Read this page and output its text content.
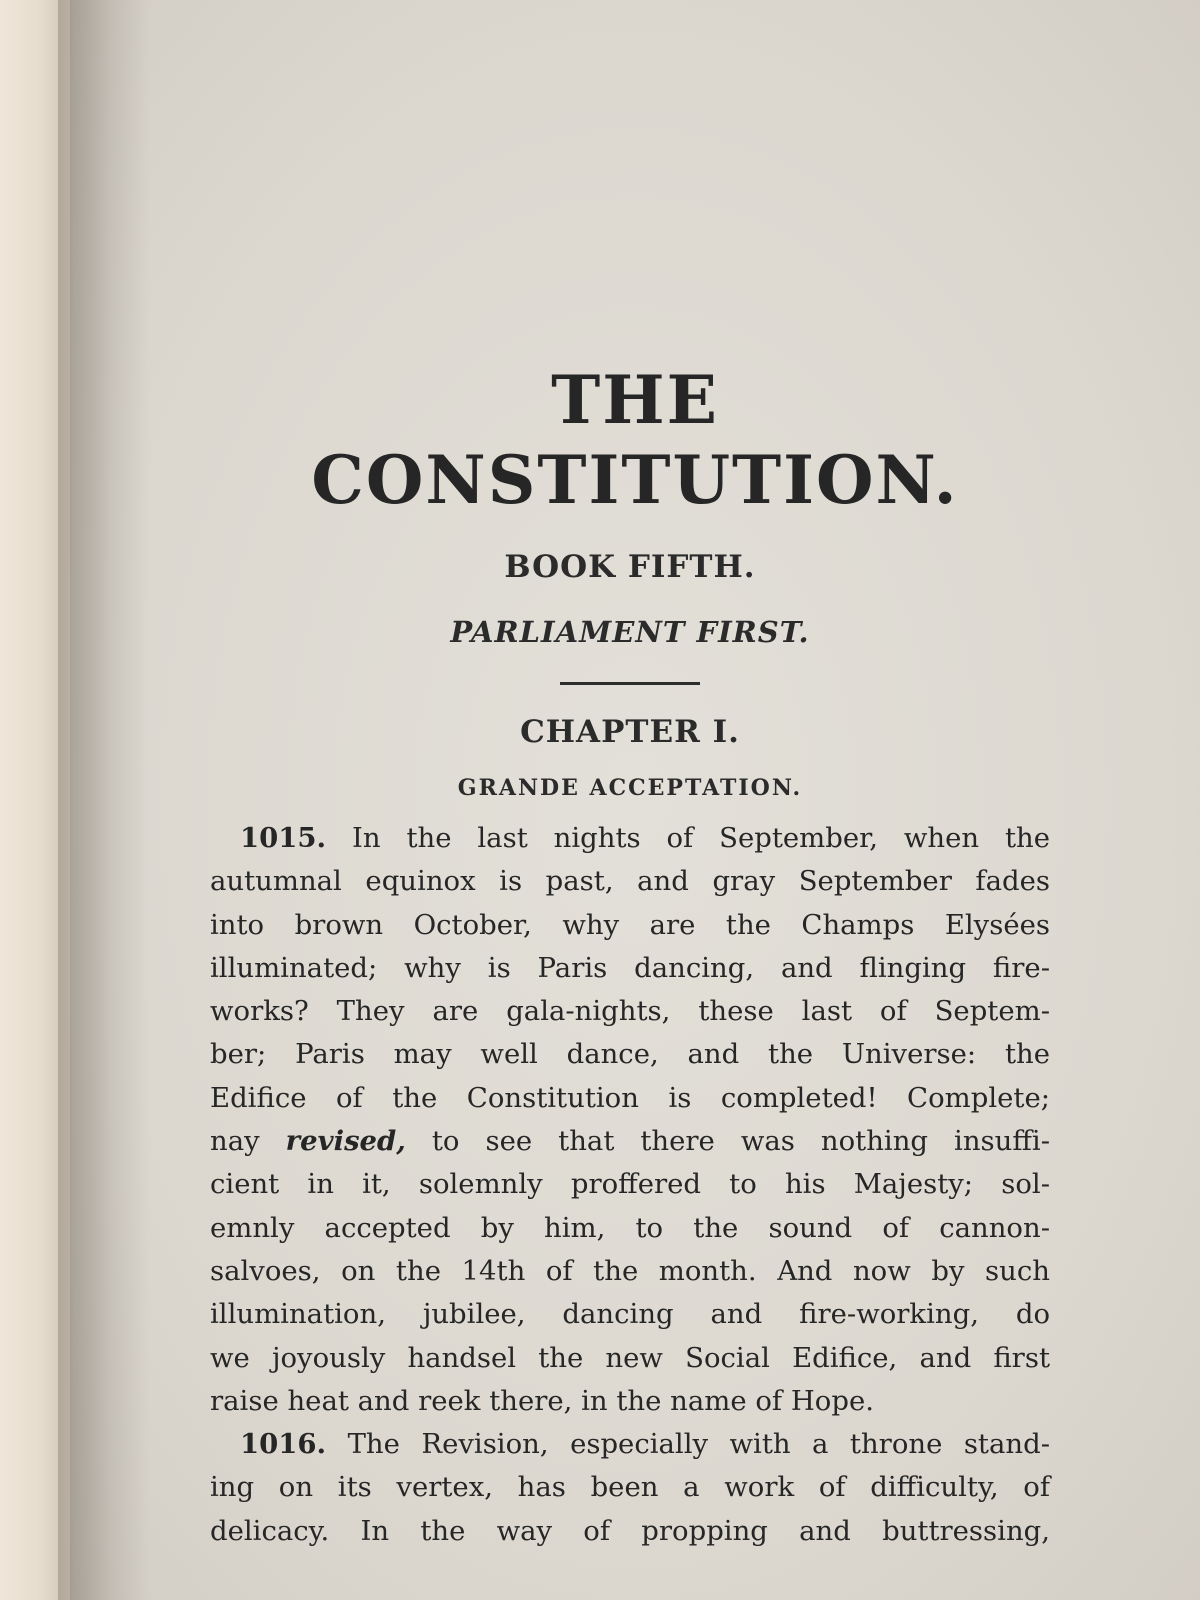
THE CONSTITUTION.
BOOK FIFTH.
PARLIAMENT FIRST.
CHAPTER I.
GRANDE ACCEPTATION.
1015. In the last nights of September, when the
autumnal equinox is past, and gray September fades
into brown October, why are the Champs Elysées
illuminated; why is Paris dancing, and flinging fire-
works? They are gala-nights, these last of Septem-
ber; Paris may well dance, and the Universe: the
Edifice of the Constitution is completed! Complete;
nay revised, to see that there was nothing insuffi-
cient in it, solemnly proffered to his Majesty; sol-
emnly accepted by him, to the sound of cannon-
salvoes, on the 14th of the month. And now by such
illumination, jubilee, dancing and fire-working, do
we joyously handsel the new Social Edifice, and first
raise heat and reek there, in the name of Hope.
1016. The Revision, especially with a throne stand-
ing on its vertex, has been a work of difficulty, of
delicacy. In the way of propping and buttressing,
